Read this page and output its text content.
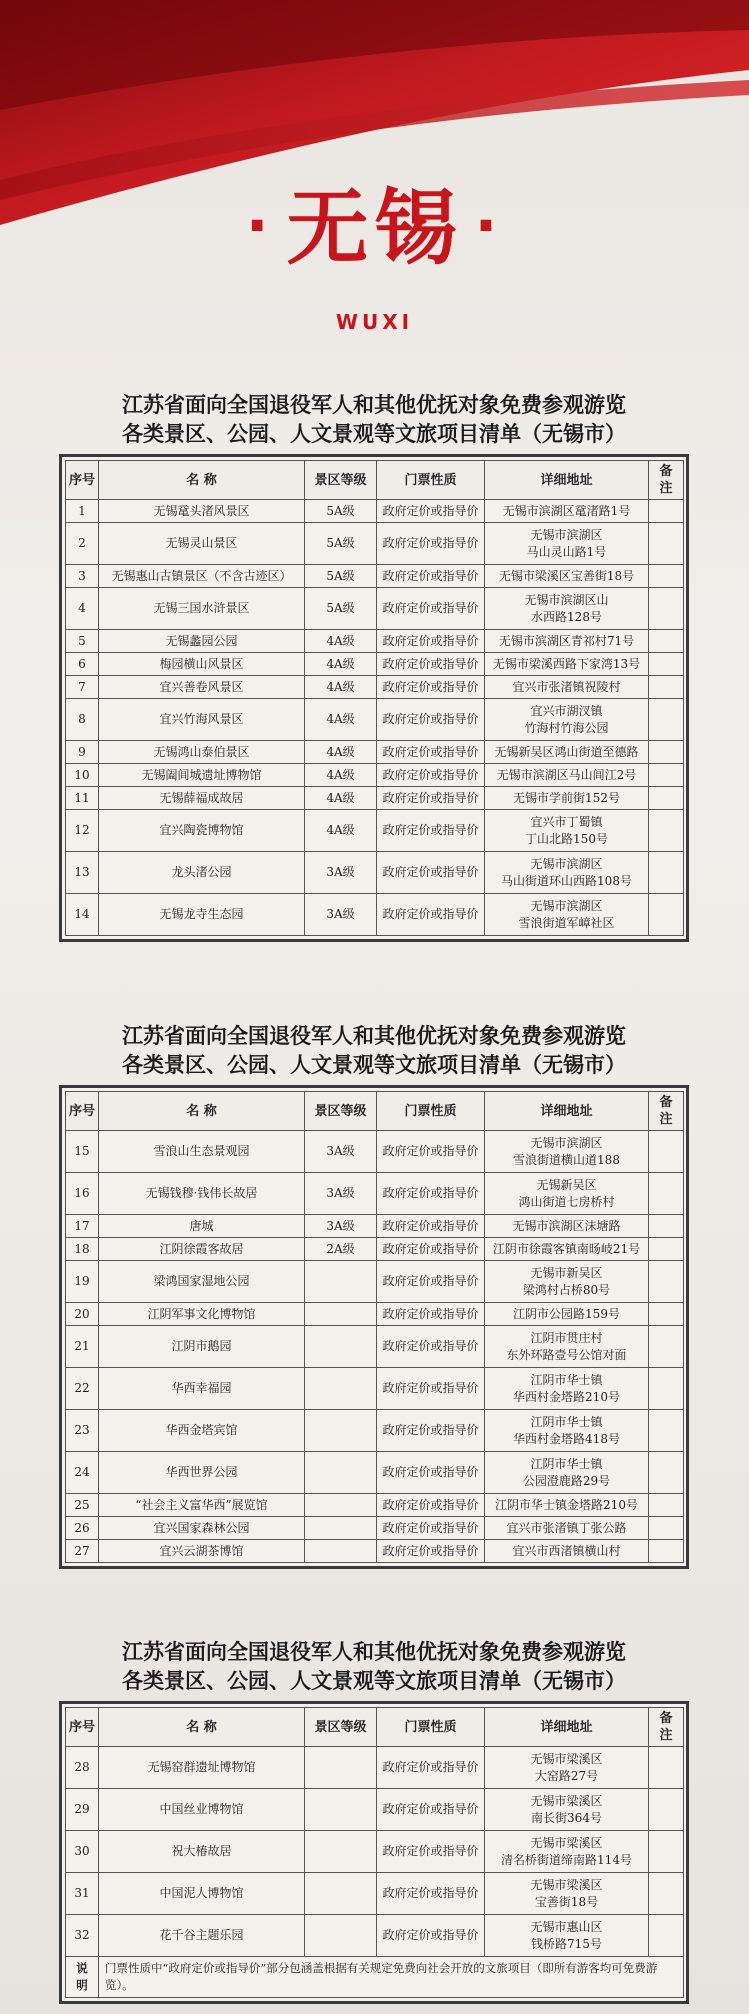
· 无锡 ·
WUXI
江苏省面向全国退役军人和其他优抚对象免费参观游览
各类景区、公园、人文景观等文旅项目清单（无锡市）
序号	名 称	景区等级	门票性质	详细地址	备 注
1	无锡鼋头渚风景区	5A级	政府定价或指导价	无锡市滨湖区鼋渚路1号	
2	无锡灵山景区	5A级	政府定价或指导价	无锡市滨湖区
马山灵山路1号	
3	无锡惠山古镇景区（不含古迹区）	5A级	政府定价或指导价	无锡市梁溪区宝善街18号	
4	无锡三国水浒景区	5A级	政府定价或指导价	无锡市滨湖区山
水西路128号	
5	无锡蠡园公园	4A级	政府定价或指导价	无锡市滨湖区青祁村71号	
6	梅园横山风景区	4A级	政府定价或指导价	无锡市梁溪西路下家湾13号	
7	宜兴善卷风景区	4A级	政府定价或指导价	宜兴市张渚镇祝陵村	
8	宜兴竹海风景区	4A级	政府定价或指导价	宜兴市湖汊镇
竹海村竹海公园	
9	无锡鸿山泰伯景区	4A级	政府定价或指导价	无锡新吴区鸿山街道至德路	
10	无锡阖闾城遗址博物馆	4A级	政府定价或指导价	无锡市滨湖区马山闾江2号	
11	无锡薛福成故居	4A级	政府定价或指导价	无锡市学前街152号	
12	宜兴陶瓷博物馆	4A级	政府定价或指导价	宜兴市丁蜀镇
丁山北路150号	
13	龙头渚公园	3A级	政府定价或指导价	无锡市滨湖区
马山街道环山西路108号	
14	无锡龙寺生态园	3A级	政府定价或指导价	无锡市滨湖区
雪浪街道军嶂社区	
江苏省面向全国退役军人和其他优抚对象免费参观游览
各类景区、公园、人文景观等文旅项目清单（无锡市）
序号	名 称	景区等级	门票性质	详细地址	备 注
15	雪浪山生态景观园	3A级	政府定价或指导价	无锡市滨湖区
雪浪街道横山道188	
16	无锡钱穆·钱伟长故居	3A级	政府定价或指导价	无锡新吴区
鸿山街道七房桥村	
17	唐城	3A级	政府定价或指导价	无锡市滨湖区沫塘路	
18	江阴徐霞客故居	2A级	政府定价或指导价	江阴市徐霞客镇南旸岐21号	
19	梁鸿国家湿地公园		政府定价或指导价	无锡市新吴区
梁鸿村占桥80号	
20	江阴军事文化博物馆		政府定价或指导价	江阴市公园路159号	
21	江阴市鹅园		政府定价或指导价	江阴市贯庄村
东外环路壹号公馆对面	
22	华西幸福园		政府定价或指导价	江阴市华士镇
华西村金塔路210号	
23	华西金塔宾馆		政府定价或指导价	江阴市华士镇
华西村金塔路418号	
24	华西世界公园		政府定价或指导价	江阴市华士镇
公园澄鹿路29号	
25	“社会主义富华西”展览馆		政府定价或指导价	江阴市华士镇金塔路210号	
26	宜兴国家森林公园		政府定价或指导价	宜兴市张渚镇丁张公路	
27	宜兴云湖茶博馆		政府定价或指导价	宜兴市西渚镇横山村	
江苏省面向全国退役军人和其他优抚对象免费参观游览
各类景区、公园、人文景观等文旅项目清单（无锡市）
序号	名 称	景区等级	门票性质	详细地址	备 注
28	无锡窑群遗址博物馆		政府定价或指导价	无锡市梁溪区
大窑路27号	
29	中国丝业博物馆		政府定价或指导价	无锡市梁溪区
南长街364号	
30	祝大椿故居		政府定价或指导价	无锡市梁溪区
清名桥街道缔南路114号	
31	中国泥人博物馆		政府定价或指导价	无锡市梁溪区
宝善街18号	
32	花千谷主题乐园		政府定价或指导价	无锡市惠山区
钱桥路715号	
说明	门票性质中“政府定价或指导价”部分包涵盖根据有关规定免费向社会开放的文旅项目（即所有游客均可免费游览）。				
